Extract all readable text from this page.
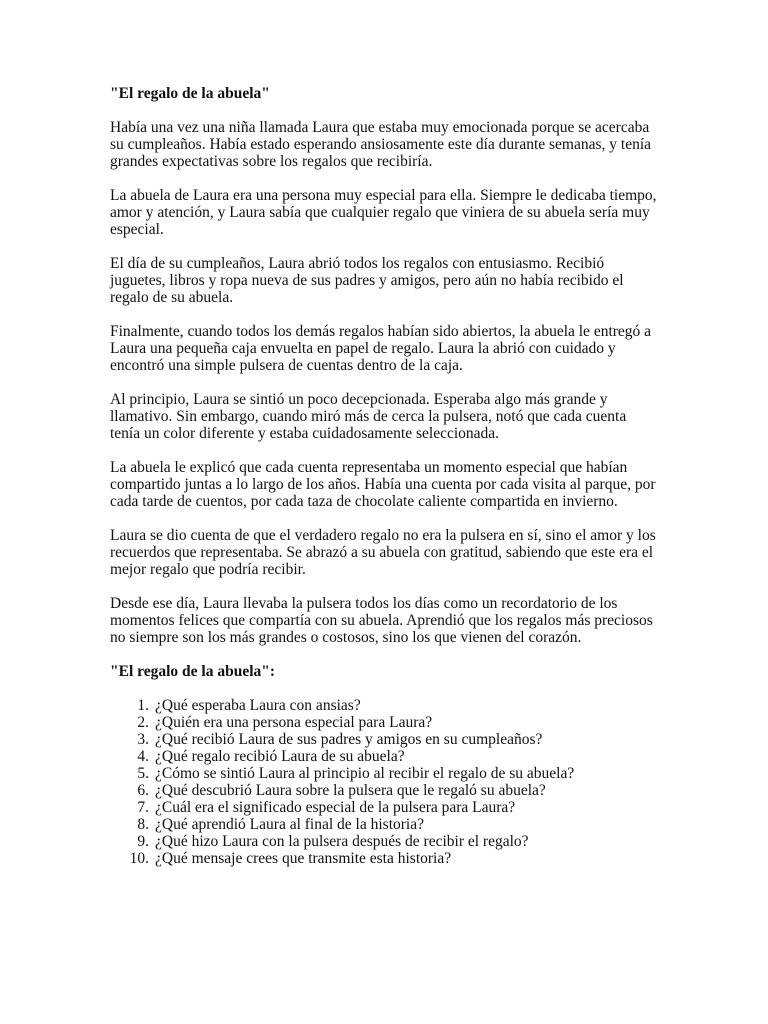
"El regalo de la abuela"
Había una vez una niña llamada Laura que estaba muy emocionada porque se acercaba su cumpleaños. Había estado esperando ansiosamente este día durante semanas, y tenía grandes expectativas sobre los regalos que recibiría.
La abuela de Laura era una persona muy especial para ella. Siempre le dedicaba tiempo, amor y atención, y Laura sabía que cualquier regalo que viniera de su abuela sería muy especial.
El día de su cumpleaños, Laura abrió todos los regalos con entusiasmo. Recibió juguetes, libros y ropa nueva de sus padres y amigos, pero aún no había recibido el regalo de su abuela.
Finalmente, cuando todos los demás regalos habían sido abiertos, la abuela le entregó a Laura una pequeña caja envuelta en papel de regalo. Laura la abrió con cuidado y encontró una simple pulsera de cuentas dentro de la caja.
Al principio, Laura se sintió un poco decepcionada. Esperaba algo más grande y llamativo. Sin embargo, cuando miró más de cerca la pulsera, notó que cada cuenta tenía un color diferente y estaba cuidadosamente seleccionada.
La abuela le explicó que cada cuenta representaba un momento especial que habían compartido juntas a lo largo de los años. Había una cuenta por cada visita al parque, por cada tarde de cuentos, por cada taza de chocolate caliente compartida en invierno.
Laura se dio cuenta de que el verdadero regalo no era la pulsera en sí, sino el amor y los recuerdos que representaba. Se abrazó a su abuela con gratitud, sabiendo que este era el mejor regalo que podría recibir.
Desde ese día, Laura llevaba la pulsera todos los días como un recordatorio de los momentos felices que compartía con su abuela. Aprendió que los regalos más preciosos no siempre son los más grandes o costosos, sino los que vienen del corazón.
"El regalo de la abuela":
1. ¿Qué esperaba Laura con ansias?
2. ¿Quién era una persona especial para Laura?
3. ¿Qué recibió Laura de sus padres y amigos en su cumpleaños?
4. ¿Qué regalo recibió Laura de su abuela?
5. ¿Cómo se sintió Laura al principio al recibir el regalo de su abuela?
6. ¿Qué descubrió Laura sobre la pulsera que le regaló su abuela?
7. ¿Cuál era el significado especial de la pulsera para Laura?
8. ¿Qué aprendió Laura al final de la historia?
9. ¿Qué hizo Laura con la pulsera después de recibir el regalo?
10. ¿Qué mensaje crees que transmite esta historia?
